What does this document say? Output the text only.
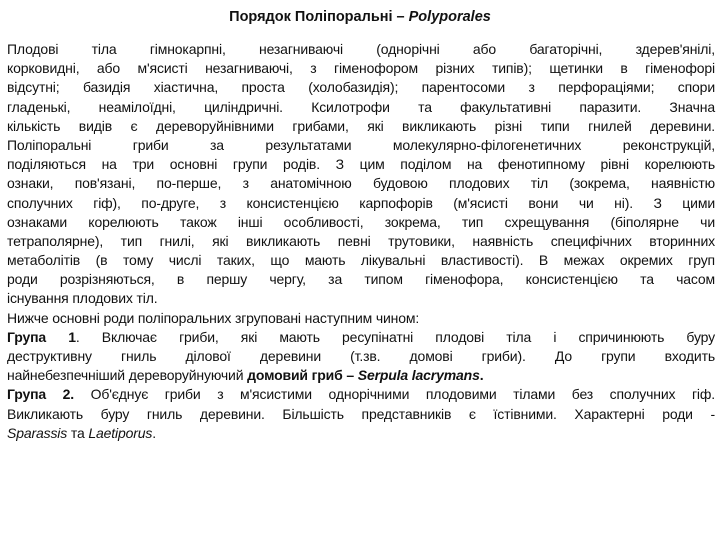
Порядок Поліпоральні – Polyporales
Плодові тіла гімнокарпні, незагниваючі (однорічні або багаторічні, здерев'янілі,
корковидні, або м'ясисті незагниваючі, з гіменофором різних типів); щетинки в гіменофорі
відсутні; базидія хіастична, проста (холобазидія); парентосоми з перфораціями; спори
гладенькі, неамілоїдні, циліндричні. Ксилотрофи та факультативні паразити. Значна
кількість видів є дереворуйнівними грибами, які викликають різні типи гнилей деревини.
Поліпоральні гриби за результатами молекулярно-філогенетичних реконструкцій,
поділяються на три основні групи родів. З цим поділом на фенотипному рівні корелюють
ознаки, пов'язані, по-перше, з анатомічною будовою плодових тіл (зокрема, наявністю
сполучних гіф), по-друге, з консистенцією карпофорів (м'ясисті вони чи ні). З цими
ознаками корелюють також інші особливості, зокрема, тип схрещування (біполярне чи
тетраполярне), тип гнилі, які викликають певні трутовики, наявність специфічних вторинних
метаболітів (в тому числі таких, що мають лікувальні властивості). В межах окремих груп
роди розрізняються, в першу чергу, за типом гіменофора, консистенцією та часом
існування плодових тіл.
Нижче основні роди поліпоральних згруповані наступним чином:
Група 1. Включає гриби, які мають ресупінатні плодові тіла і спричинюють буру
деструктивну гниль ділової деревини (т.зв. домові гриби). До групи входить
найнебезпечніший дереворуйнуючий домовий гриб – Serpula lacrymans.
Група 2. Об'єднує гриби з м'ясистими однорічними плодовими тілами без сполучних гіф.
Викликають буру гниль деревини. Більшість представників є їстівними. Характерні роди -
Sparassis та Laetiporus.
